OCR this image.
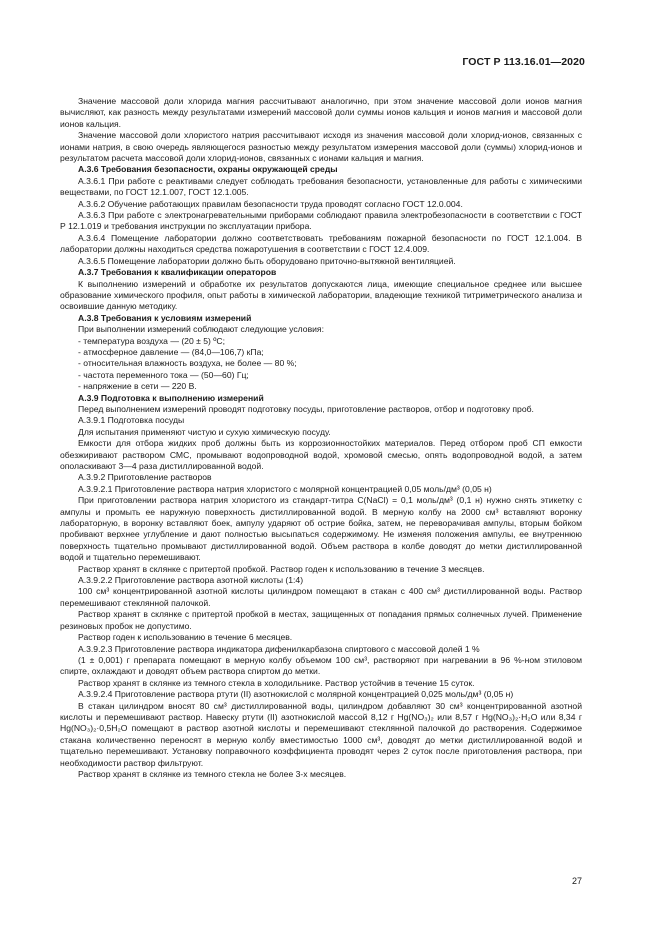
ГОСТ Р 113.16.01—2020

Значение массовой доли хлорида магния рассчитывают аналогично, при этом значение массовой доли ионов магния вычисляют, как разность между результатами измерений массовой доли суммы ионов кальция и ионов магния и массовой доли ионов кальция.

Значение массовой доли хлористого натрия рассчитывают исходя из значения массовой доли хлорид-ионов, связанных с ионами натрия, в свою очередь являющегося разностью между результатом измерения массовой доли (суммы) хлорид-ионов и результатом расчета массовой доли хлорид-ионов, связанных с ионами кальция и магния.

А.3.6 Требования безопасности, охраны окружающей среды

А.3.6.1 При работе с реактивами следует соблюдать требования безопасности, установленные для работы с химическими веществами, по ГОСТ 12.1.007, ГОСТ 12.1.005.

А.3.6.2 Обучение работающих правилам безопасности труда проводят согласно ГОСТ 12.0.004.

А.3.6.3 При работе с электронагревательными приборами соблюдают правила электробезопасности в соответствии с ГОСТ Р 12.1.019 и требования инструкции по эксплуатации прибора.

А.3.6.4 Помещение лаборатории должно соответствовать требованиям пожарной безопасности по ГОСТ 12.1.004. В лаборатории должны находиться средства пожаротушения в соответствии с ГОСТ 12.4.009.

А.3.6.5 Помещение лаборатории должно быть оборудовано приточно-вытяжной вентиляцией.

А.3.7 Требования к квалификации операторов

К выполнению измерений и обработке их результатов допускаются лица, имеющие специальное среднее или высшее образование химического профиля, опыт работы в химической лаборатории, владеющие техникой титриметрического анализа и освоившие данную методику.

А.3.8 Требования к условиям измерений

При выполнении измерений соблюдают следующие условия:

- температура воздуха — (20 ± 5) ºС;

- атмосферное давление — (84,0—106,7) кПа;

- относительная влажность воздуха, не более — 80 %;

- частота переменного тока — (50—60) Гц;

- напряжение в сети — 220 В.

А.3.9 Подготовка к выполнению измерений

Перед выполнением измерений проводят подготовку посуды, приготовление растворов, отбор и подготовку проб.

А.3.9.1 Подготовка посуды

Для испытания применяют чистую и сухую химическую посуду.

Емкости для отбора жидких проб должны быть из коррозионностойких материалов. Перед отбором проб СП емкости обезжиривают раствором СМС, промывают водопроводной водой, хромовой смесью, опять водопроводной водой, а затем ополаскивают 3—4 раза дистиллированной водой.

А.3.9.2 Приготовление растворов

А.3.9.2.1 Приготовление раствора натрия хлористого с молярной концентрацией 0,05 моль/дм³ (0,05 н)

При приготовлении раствора натрия хлористого из стандарт-титра C(NaCl) = 0,1 моль/дм³ (0,1 н) нужно снять этикетку с ампулы и промыть ее наружную поверхность дистиллированной водой. В мерную колбу на 2000 см³ вставляют воронку лабораторную, в воронку вставляют боек, ампулу ударяют об острие бойка, затем, не переворачивая ампулы, вторым бойком пробивают верхнее углубление и дают полностью высыпаться содержимому. Не изменяя положения ампулы, ее внутреннюю поверхность тщательно промывают дистиллированной водой. Объем раствора в колбе доводят до метки дистиллированной водой и тщательно перемешивают.

Раствор хранят в склянке с притертой пробкой. Раствор годен к использованию в течение 3 месяцев.

А.3.9.2.2 Приготовление раствора азотной кислоты (1:4)

100 см³ концентрированной азотной кислоты цилиндром помещают в стакан с 400 см³ дистиллированной воды. Раствор перемешивают стеклянной палочкой.

Раствор хранят в склянке с притертой пробкой в местах, защищенных от попадания прямых солнечных лучей. Применение резиновых пробок не допустимо.

Раствор годен к использованию в течение 6 месяцев.

А.3.9.2.3 Приготовление раствора индикатора дифенилкарбазона спиртового с массовой долей 1 %

(1 ± 0,001) г препарата помещают в мерную колбу объемом 100 см³, растворяют при нагревании в 96 %-ном этиловом спирте, охлаждают и доводят объем раствора спиртом до метки.

Раствор хранят в склянке из темного стекла в холодильнике. Раствор устойчив в течение 15 суток.

А.3.9.2.4 Приготовление раствора ртути (II) азотнокислой с молярной концентрацией 0,025 моль/дм³ (0,05 н)

В стакан цилиндром вносят 80 см³ дистиллированной воды, цилиндром добавляют 30 см³ концентрированной азотной кислоты и перемешивают раствор. Навеску ртути (II) азотнокислой массой 8,12 г Hg(NO₃)₂ или 8,57 г Hg(NO₃)₂·H₂O или 8,34 г Hg(NO₃)₂·0,5H₂O помещают в раствор азотной кислоты и перемешивают стеклянной палочкой до растворения. Содержимое стакана количественно переносят в мерную колбу вместимостью 1000 см³, доводят до метки дистиллированной водой и тщательно перемешивают. Установку поправочного коэффициента проводят через 2 суток после приготовления раствора, при необходимости раствор фильтруют.

Раствор хранят в склянке из темного стекла не более 3-х месяцев.

27
